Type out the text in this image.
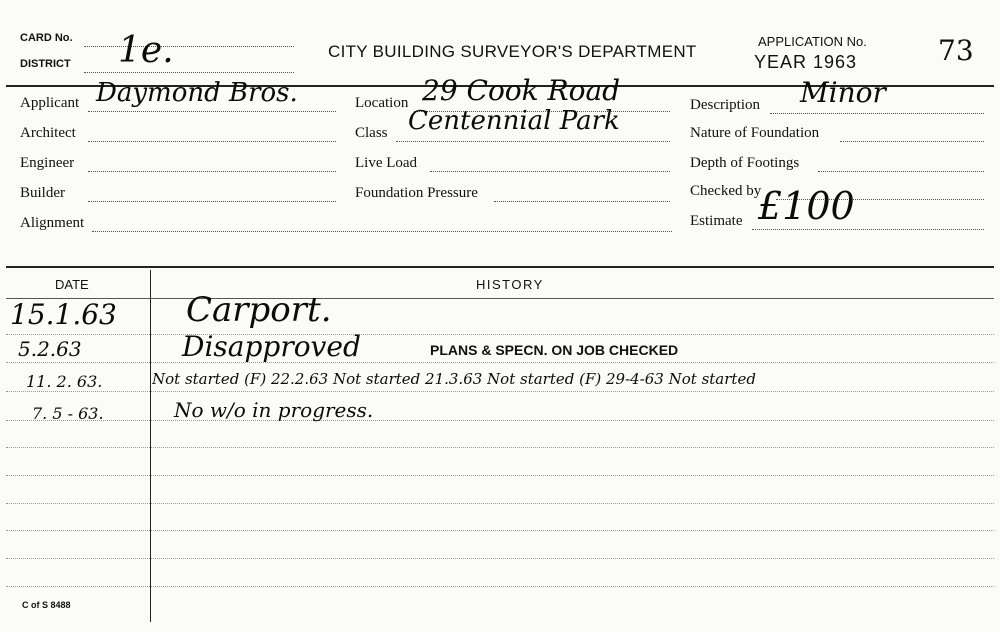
CARD No.
DISTRICT 1e.	CITY BUILDING SURVEYOR'S DEPARTMENT
APPLICATION No.
YEAR 1963	73
Applicant Daymond Bros.
Architect
Engineer
Builder
Alignment
Location 29 Cook Road
Class Centennial Park
Live Load
Foundation Pressure
Description Minor
Nature of Foundation
Depth of Footings
Checked by
Estimate £100
DATE	HISTORY
15.1.63 Carport.
5.2.63	Disapproved	PLANS & SPECN. ON JOB CHECKED
11. 2. 63.	Not started (F) 22.2.63 Not started 21.3.63 Not started (F) 29-4-63 Not started
7. 5 - 63.	No w/o in progress.
C of S 8488
